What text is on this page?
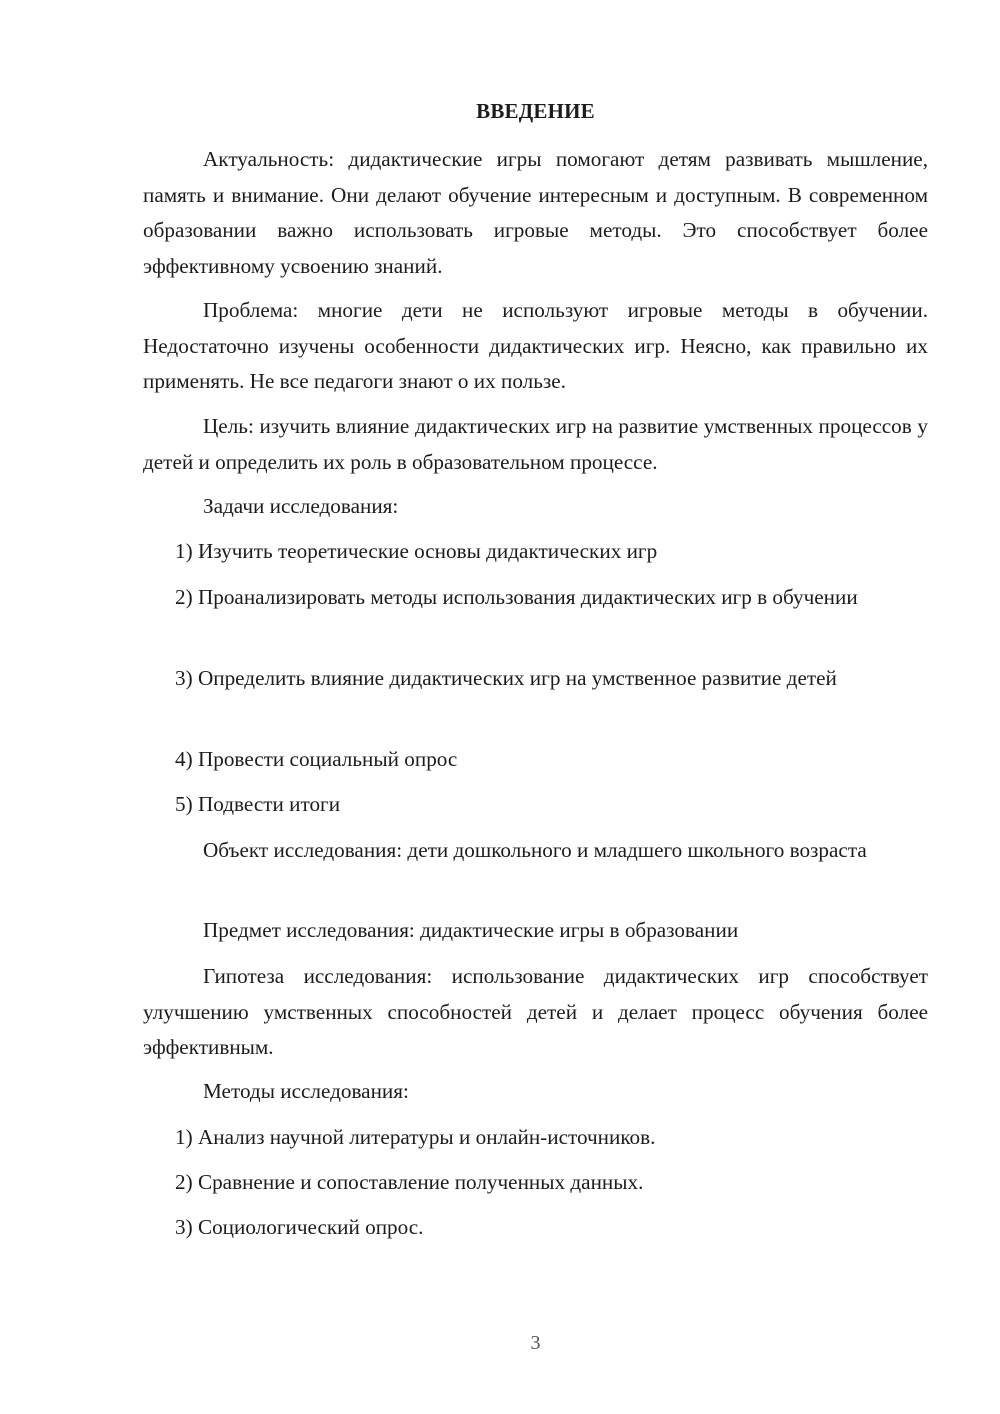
ВВЕДЕНИЕ

Актуальность: дидактические игры помогают детям развивать мышление, память и внимание. Они делают обучение интересным и доступным. В современном образовании важно использовать игровые методы. Это способствует более эффективному усвоению знаний.

Проблема: многие дети не используют игровые методы в обучении. Недостаточно изучены особенности дидактических игр. Неясно, как правильно их применять. Не все педагоги знают о их пользе.

Цель: изучить влияние дидактических игр на развитие умственных процессов у детей и определить их роль в образовательном процессе.

Задачи исследования:

1) Изучить теоретические основы дидактических игр

2) Проанализировать методы использования дидактических игр в обучении

3) Определить влияние дидактических игр на умственное развитие детей

4) Провести социальный опрос

5) Подвести итоги

Объект исследования: дети дошкольного и младшего школьного возраста

Предмет исследования: дидактические игры в образовании

Гипотеза исследования: использование дидактических игр способствует улучшению умственных способностей детей и делает процесс обучения более эффективным.

Методы исследования:

1) Анализ научной литературы и онлайн-источников.

2) Сравнение и сопоставление полученных данных.

3) Социологический опрос.

3
